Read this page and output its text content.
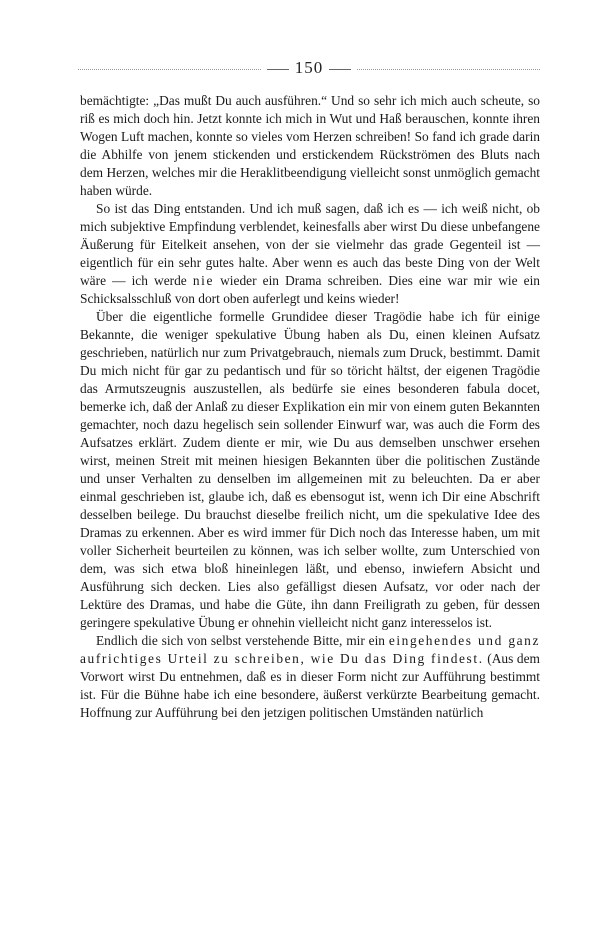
150

bemächtigte: „Das mußt Du auch ausführen.“ Und so sehr ich mich auch scheute, so riß es mich doch hin. Jetzt konnte ich mich in Wut und Haß berauschen, konnte ihren Wogen Luft machen, konnte so vieles vom Herzen schreiben! So fand ich grade darin die Abhilfe von jenem stickenden und erstickendem Rückströmen des Bluts nach dem Herzen, welches mir die Heraklitbeendigung vielleicht sonst unmöglich gemacht haben würde.

So ist das Ding entstanden. Und ich muß sagen, daß ich es — ich weiß nicht, ob mich subjektive Empfindung verblendet, keinesfalls aber wirst Du diese unbefangene Äußerung für Eitelkeit ansehen, von der sie vielmehr das grade Gegenteil ist — eigentlich für ein sehr gutes halte. Aber wenn es auch das beste Ding von der Welt wäre — ich werde nie wieder ein Drama schreiben. Dies eine war mir wie ein Schicksalsschluß von dort oben auferlegt und keins wieder!

Über die eigentliche formelle Grundidee dieser Tragödie habe ich für einige Bekannte, die weniger spekulative Übung haben als Du, einen kleinen Aufsatz geschrieben, natürlich nur zum Privatgebrauch, niemals zum Druck, bestimmt. Damit Du mich nicht für gar zu pedantisch und für so töricht hältst, der eigenen Tragödie das Armutszeugnis auszustellen, als bedürfe sie eines besonderen fabula docet, bemerke ich, daß der Anlaß zu dieser Explikation ein mir von einem guten Bekannten gemachter, noch dazu hegelisch sein sollender Einwurf war, was auch die Form des Aufsatzes erklärt. Zudem diente er mir, wie Du aus demselben unschwer ersehen wirst, meinen Streit mit meinen hiesigen Bekannten über die politischen Zustände und unser Verhalten zu denselben im allgemeinen mit zu beleuchten. Da er aber einmal geschrieben ist, glaube ich, daß es ebensogut ist, wenn ich Dir eine Abschrift desselben beilege. Du brauchst dieselbe freilich nicht, um die spekulative Idee des Dramas zu erkennen. Aber es wird immer für Dich noch das Interesse haben, um mit voller Sicherheit beurteilen zu können, was ich selber wollte, zum Unterschied von dem, was sich etwa bloß hineinlegen läßt, und ebenso, inwiefern Absicht und Ausführung sich decken. Lies also gefälligst diesen Aufsatz, vor oder nach der Lektüre des Dramas, und habe die Güte, ihn dann Freiligrath zu geben, für dessen geringere spekulative Übung er ohnehin vielleicht nicht ganz interesselos ist.

Endlich die sich von selbst verstehende Bitte, mir ein eingehendes und ganz aufrichtiges Urteil zu schreiben, wie Du das Ding findest. (Aus dem Vorwort wirst Du entnehmen, daß es in dieser Form nicht zur Aufführung bestimmt ist. Für die Bühne habe ich eine besondere, äußerst verkürzte Bearbeitung gemacht. Hoffnung zur Aufführung bei den jetzigen politischen Umständen natürlich
